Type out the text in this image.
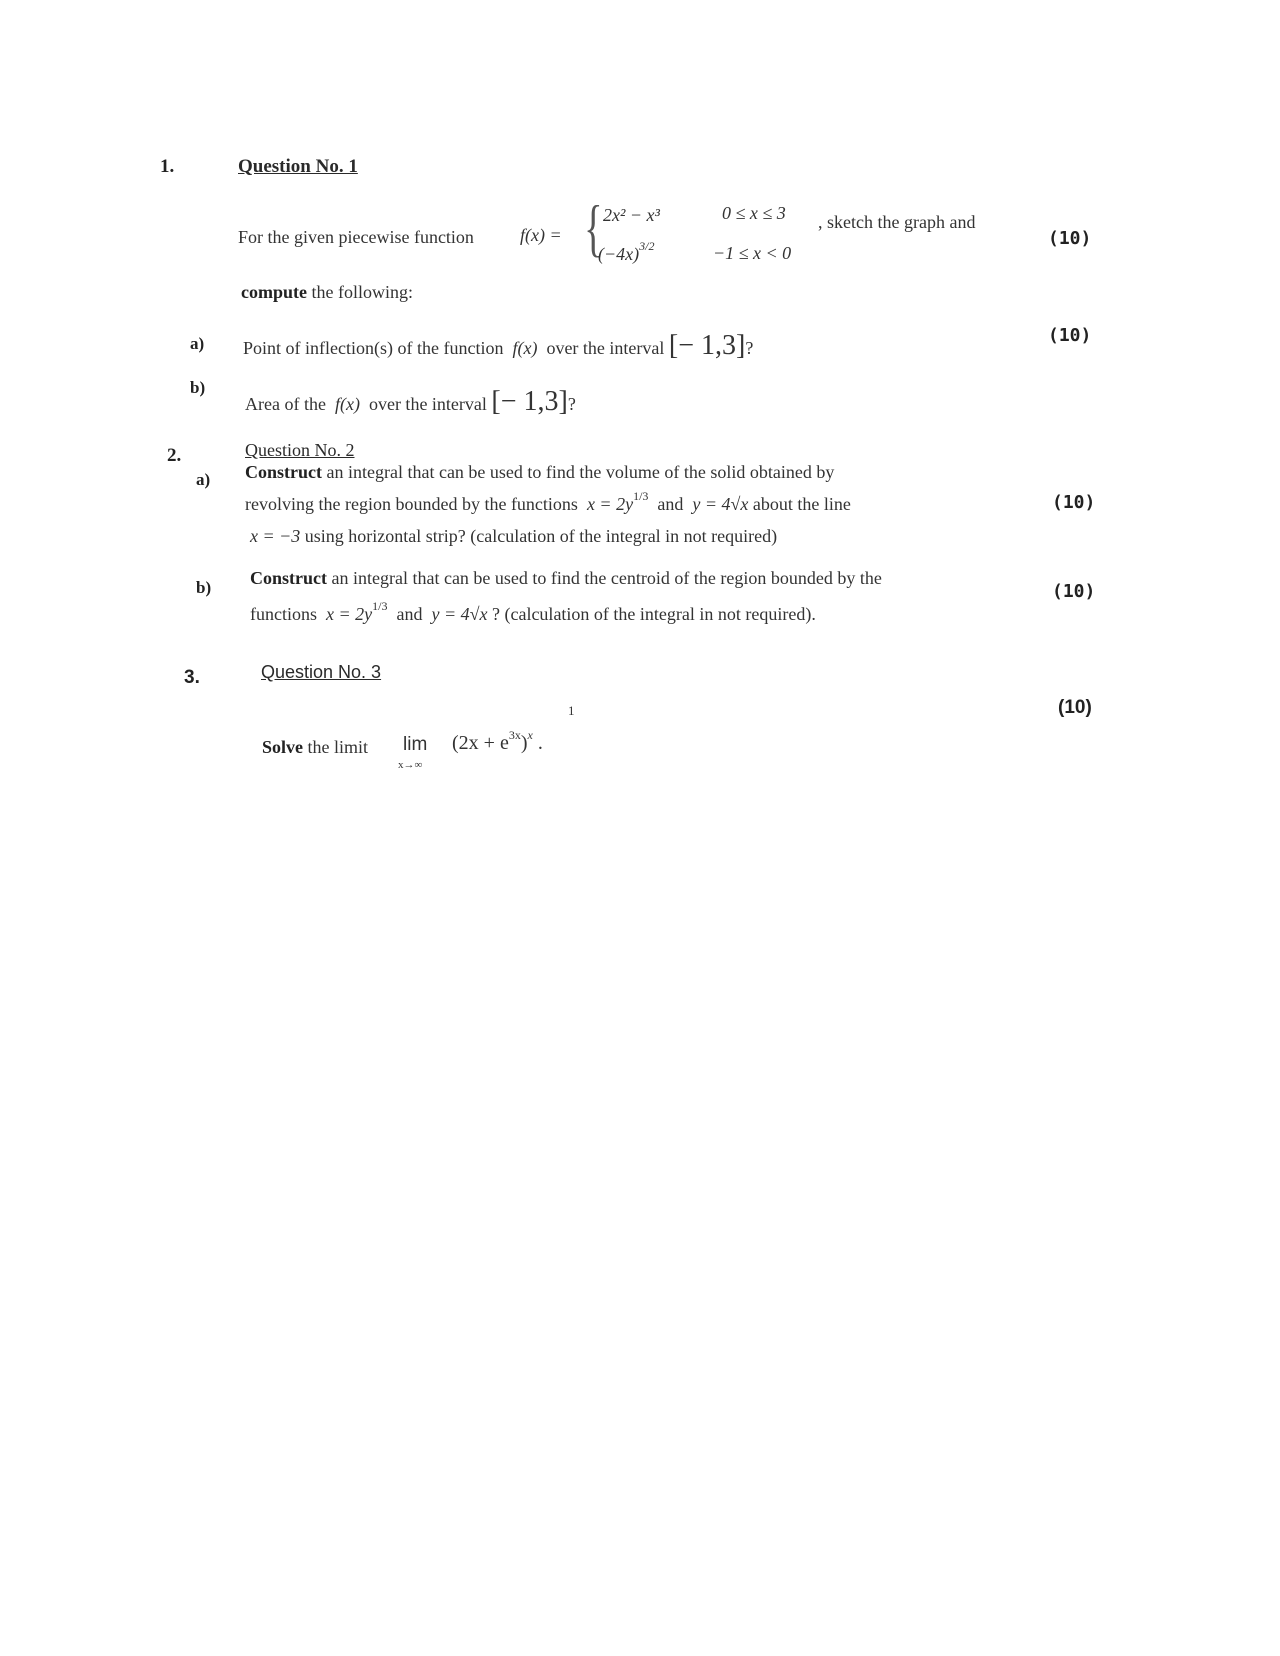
1.	Question No. 1
For the given piecewise function	f(x) = { 2x² − x³	0 ≤ x ≤ 3
$(-4x)^{3/2}$	−1 ≤ x < 0
, sketch the graph and
(10)
compute the following:
a) Point of inflection(s) of the function f(x) over the interval [− 1,3]?
(10)
b)
Area of the f(x) over the interval [− 1,3]?
2.	Question No. 2
a) Construct an integral that can be used to find the volume of the solid obtained by
revolving the region bounded by the functions $x = 2y^{1/3}$ and y = 4√x about the line
x = −3 using horizontal strip? (calculation of the integral in not required)
(10)
b) Construct an integral that can be used to find the centroid of the region bounded by the
functions $x = 2y^{1/3}$ and y = 4√x ? (calculation of the integral in not required).
(10)
3.	Question No. 3
(10)
1
Solve the limit lim
x→∞
$(2x + e^{3x})^x$ .
